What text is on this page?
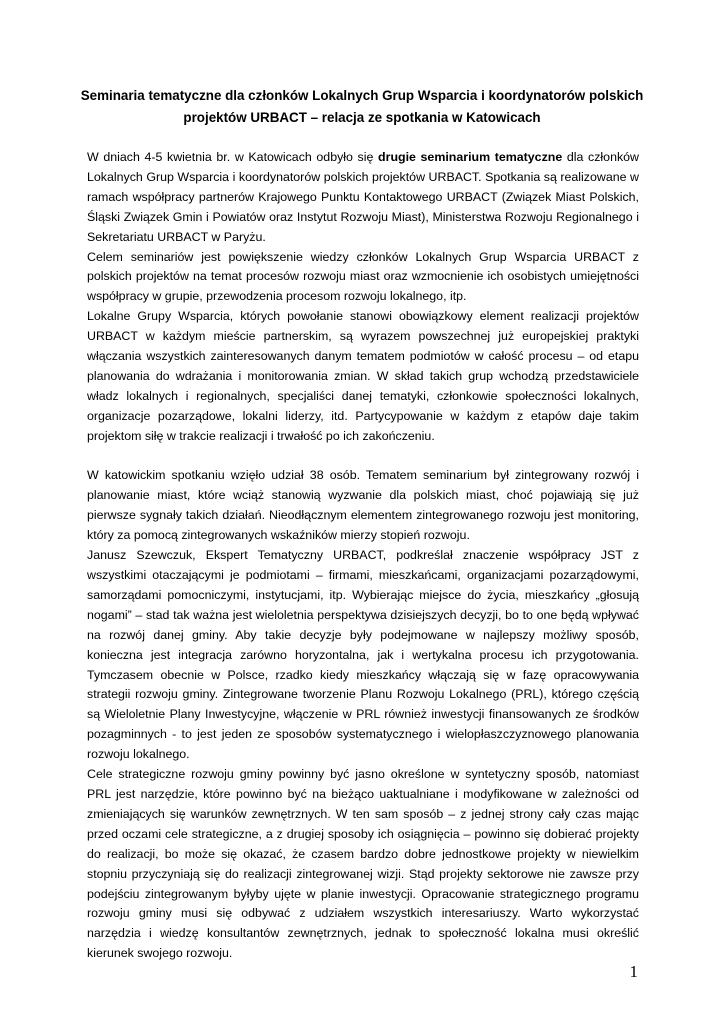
Seminaria tematyczne dla członków Lokalnych Grup Wsparcia i koordynatorów polskich
projektów URBACT – relacja ze spotkania w Katowicach

W dniach 4-5 kwietnia br. w Katowicach odbyło się drugie seminarium tematyczne dla członków Lokalnych Grup Wsparcia i koordynatorów polskich projektów URBACT. Spotkania są realizowane w ramach współpracy partnerów Krajowego Punktu Kontaktowego URBACT (Związek Miast Polskich, Śląski Związek Gmin i Powiatów oraz Instytut Rozwoju Miast), Ministerstwa Rozwoju Regionalnego i Sekretariatu URBACT w Paryżu.

Celem seminariów jest powiększenie wiedzy członków Lokalnych Grup Wsparcia URBACT z polskich projektów na temat procesów rozwoju miast oraz wzmocnienie ich osobistych umiejętności współpracy w grupie, przewodzenia procesom rozwoju lokalnego, itp.

Lokalne Grupy Wsparcia, których powołanie stanowi obowiązkowy element realizacji projektów URBACT w każdym mieście partnerskim, są wyrazem powszechnej już europejskiej praktyki włączania wszystkich zainteresowanych danym tematem podmiotów w całość procesu – od etapu planowania do wdrażania i monitorowania zmian. W skład takich grup wchodzą przedstawiciele władz lokalnych i regionalnych, specjaliści danej tematyki, członkowie społeczności lokalnych, organizacje pozarządowe, lokalni liderzy, itd. Partycypowanie w każdym z etapów daje takim projektom siłę w trakcie realizacji i trwałość po ich zakończeniu.

W katowickim spotkaniu wzięło udział 38 osób. Tematem seminarium był zintegrowany rozwój i planowanie miast, które wciąż stanowią wyzwanie dla polskich miast, choć pojawiają się już pierwsze sygnały takich działań. Nieodłącznym elementem zintegrowanego rozwoju jest monitoring, który za pomocą zintegrowanych wskaźników mierzy stopień rozwoju.

Janusz Szewczuk, Ekspert Tematyczny URBACT, podkreślał znaczenie współpracy JST z wszystkimi otaczającymi je podmiotami – firmami, mieszkańcami, organizacjami pozarządowymi, samorządami pomocniczymi, instytucjami, itp. Wybierając miejsce do życia, mieszkańcy „głosują nogami” – stad tak ważna jest wieloletnia perspektywa dzisiejszych decyzji, bo to one będą wpływać na rozwój danej gminy. Aby takie decyzje były podejmowane w najlepszy możliwy sposób, konieczna jest integracja zarówno horyzontalna, jak i wertykalna procesu ich przygotowania. Tymczasem obecnie w Polsce, rzadko kiedy mieszkańcy włączają się w fazę opracowywania strategii rozwoju gminy. Zintegrowane tworzenie Planu Rozwoju Lokalnego (PRL), którego częścią są Wieloletnie Plany Inwestycyjne, włączenie w PRL również inwestycji finansowanych ze środków pozagminnych - to jest jeden ze sposobów systematycznego i wielopłaszczyznowego planowania rozwoju lokalnego.

Cele strategiczne rozwoju gminy powinny być jasno określone w syntetyczny sposób, natomiast PRL jest narzędzie, które powinno być na bieżąco uaktualniane i modyfikowane w zależności od zmieniających się warunków zewnętrznych. W ten sam sposób – z jednej strony cały czas mając przed oczami cele strategiczne, a z drugiej sposoby ich osiągnięcia – powinno się dobierać projekty do realizacji, bo może się okazać, że czasem bardzo dobre jednostkowe projekty w niewielkim stopniu przyczyniają się do realizacji zintegrowanej wizji. Stąd projekty sektorowe nie zawsze przy podejściu zintegrowanym byłyby ujęte w planie inwestycji. Opracowanie strategicznego programu rozwoju gminy musi się odbywać z udziałem wszystkich interesariuszy. Warto wykorzystać narzędzia i wiedzę konsultantów zewnętrznych, jednak to społeczność lokalna musi określić kierunek swojego rozwoju.

1
